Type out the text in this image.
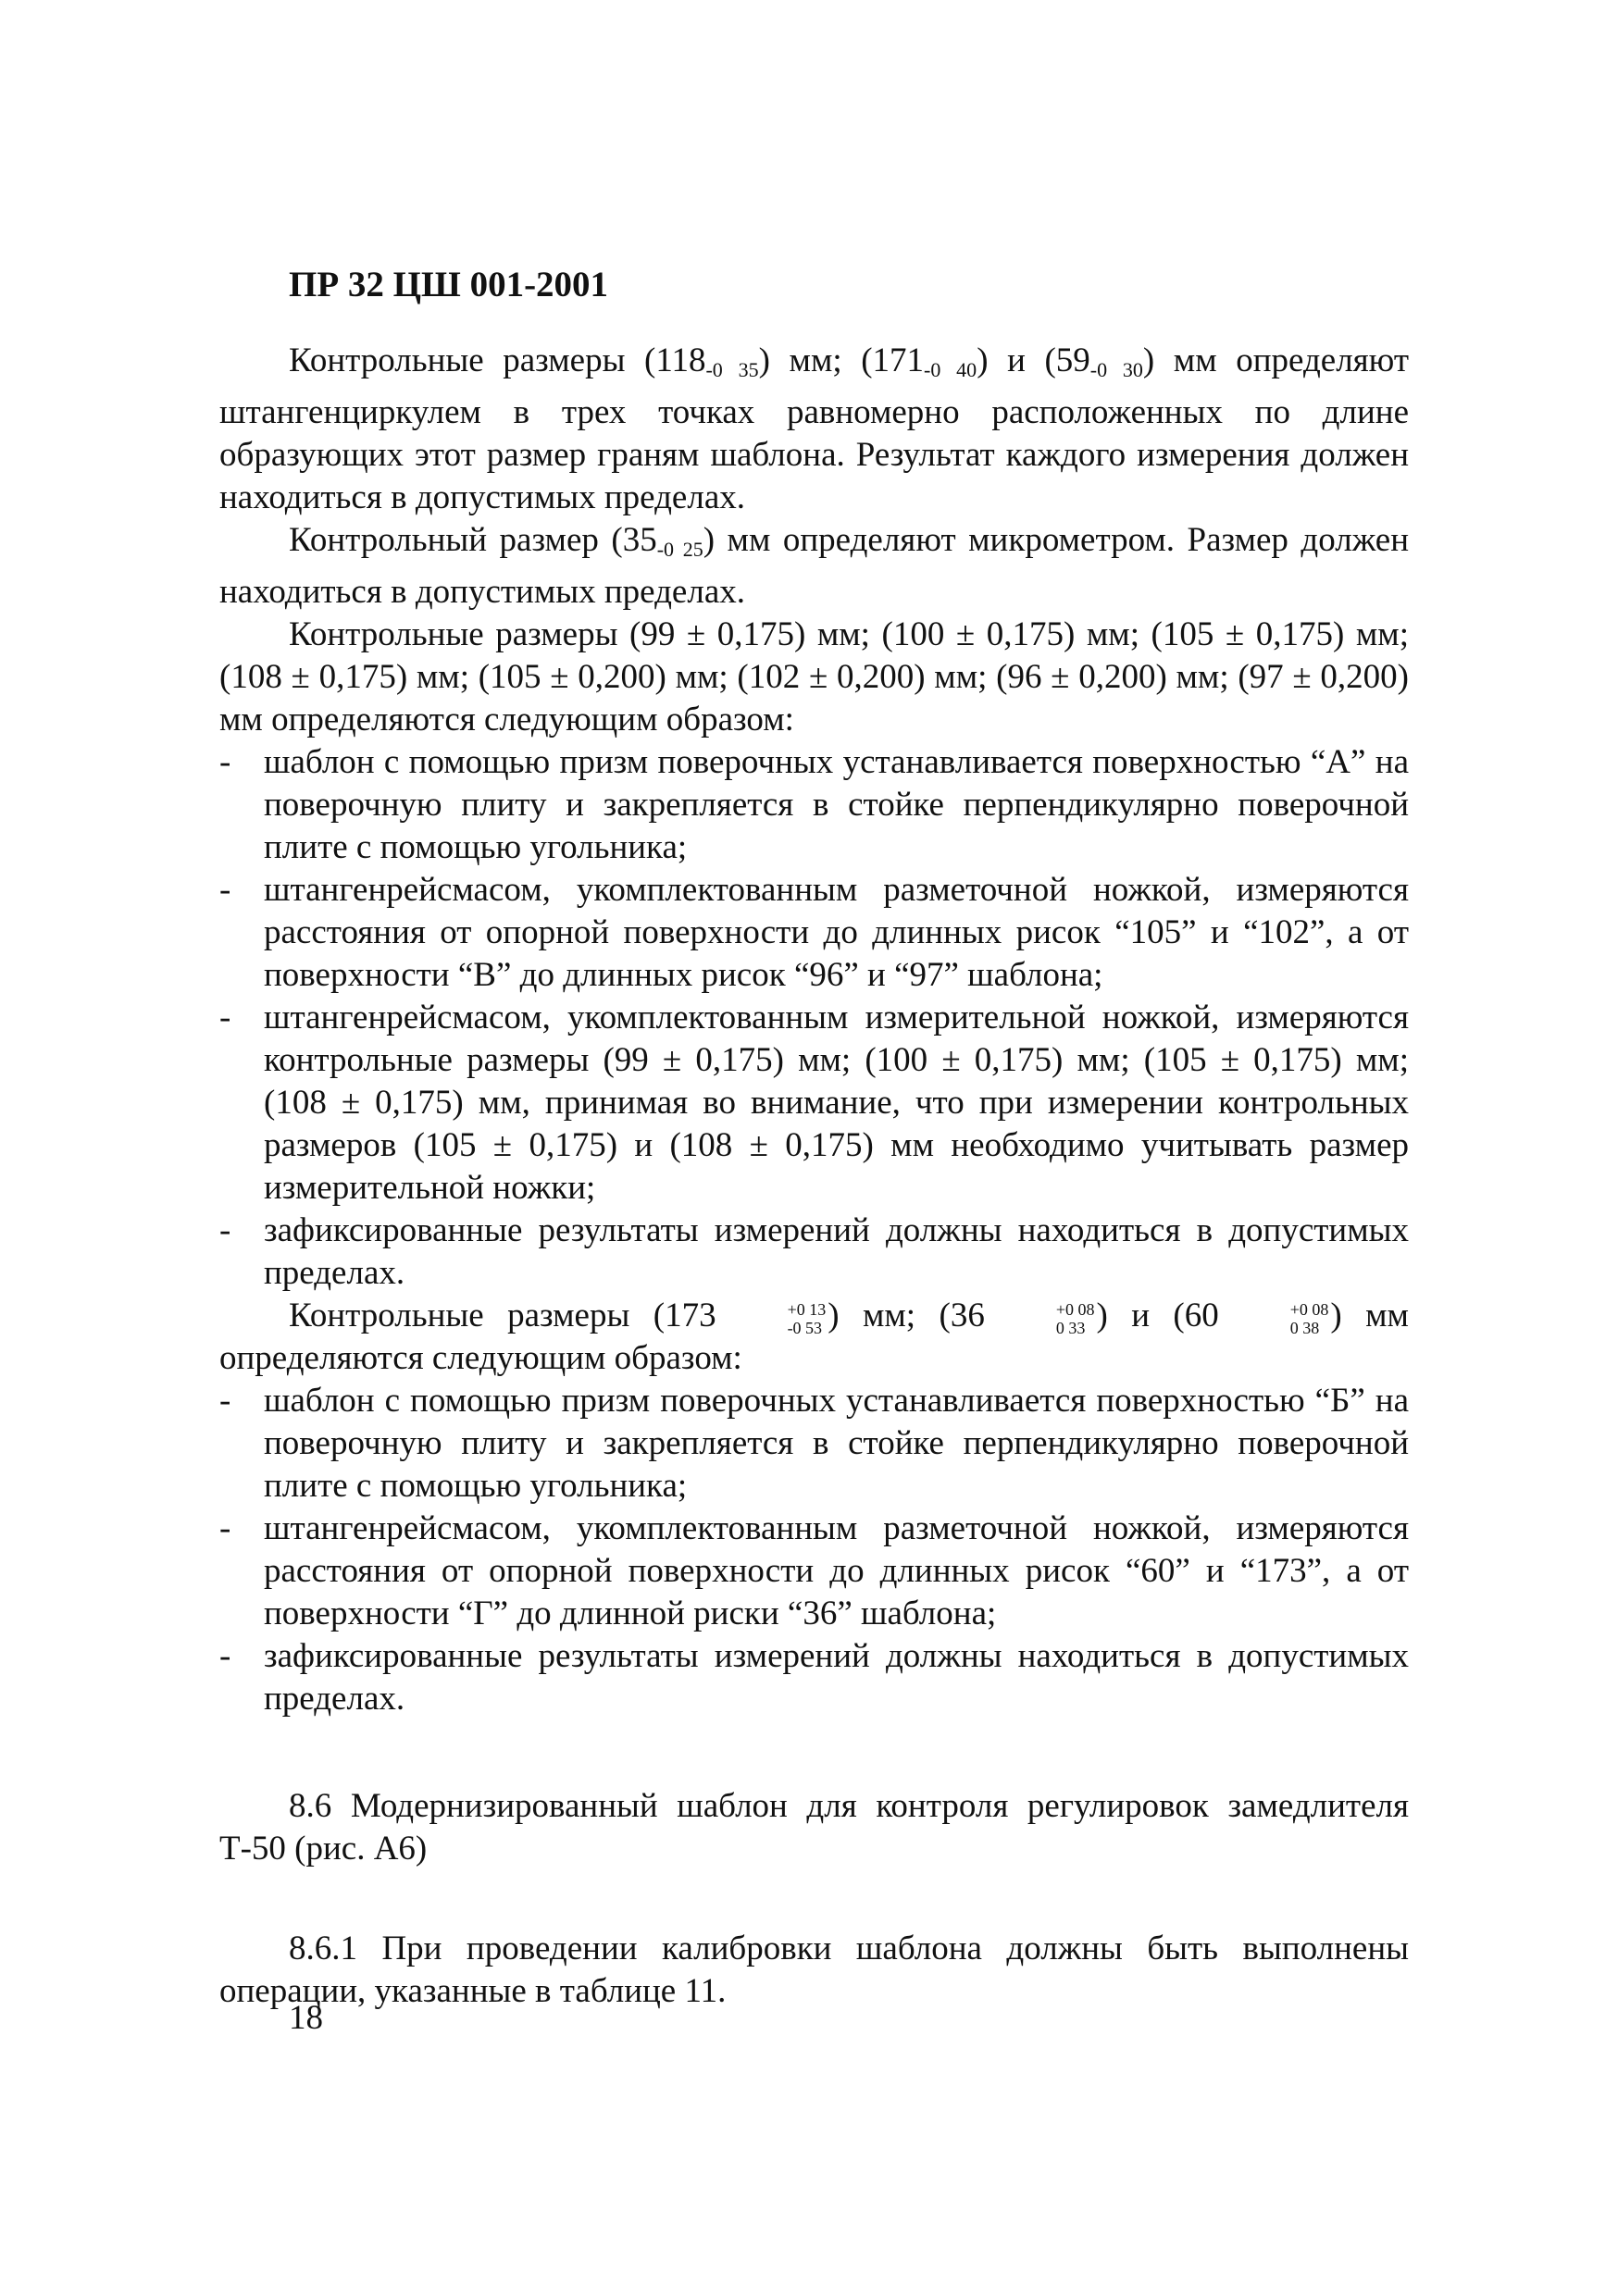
ПР 32 ЦШ 001-2001

Контрольные размеры $(118_{-0 35})$ мм; $(171_{-0 40})$ и $(59_{-0 30})$ мм определяют штангенциркулем в трех точках равномерно расположенных по длине образующих этот размер граням шаблона. Результат каждого измерения должен находиться в допустимых пределах.

Контрольный размер $(35_{-0 25})$ мм определяют микрометром. Размер должен находиться в допустимых пределах.

Контрольные размеры (99 ± 0,175) мм; (100 ± 0,175) мм; (105 ± 0,175) мм; (108 ± 0,175) мм; (105 ± 0,200) мм; (102 ± 0,200) мм; (96 ± 0,200) мм; (97 ± 0,200) мм определяются следующим образом:

- шаблон с помощью призм поверочных устанавливается поверхностью “А” на поверочную плиту и закрепляется в стойке перпендикулярно поверочной плите с помощью угольника;
- штангенрейсмасом, укомплектованным разметочной ножкой, измеряются расстояния от опорной поверхности до длинных рисок “105” и “102”, а от поверхности “В” до длинных рисок “96” и “97” шаблона;
- штангенрейсмасом, укомплектованным измерительной ножкой, измеряются контрольные размеры (99 ± 0,175) мм; (100 ± 0,175) мм; (105 ± 0,175) мм; (108 ± 0,175) мм, принимая во внимание, что при измерении контрольных размеров (105 ± 0,175) и (108 ± 0,175) мм необходимо учитывать размер измерительной ножки;
- зафиксированные результаты измерений должны находиться в допустимых пределах.

Контрольные размеры (173	+0 13
-0 53 ) мм; (36	+0 08
0 33 ) и (60	+0 08
0 38 ) мм определяются следующим образом:

- шаблон с помощью призм поверочных устанавливается поверхностью “Б” на поверочную плиту и закрепляется в стойке перпендикулярно поверочной плите с помощью угольника;
- штангенрейсмасом, укомплектованным разметочной ножкой, измеряются расстояния от опорной поверхности до длинных рисок “60” и “173”, а от поверхности “Г” до длинной риски “36” шаблона;
- зафиксированные результаты измерений должны находиться в допустимых пределах.

8.6 Модернизированный шаблон для контроля регулировок замедлителя Т-50 (рис. А6)

8.6.1 При проведении калибровки шаблона должны быть выполнены операции, указанные в таблице 11.

18
